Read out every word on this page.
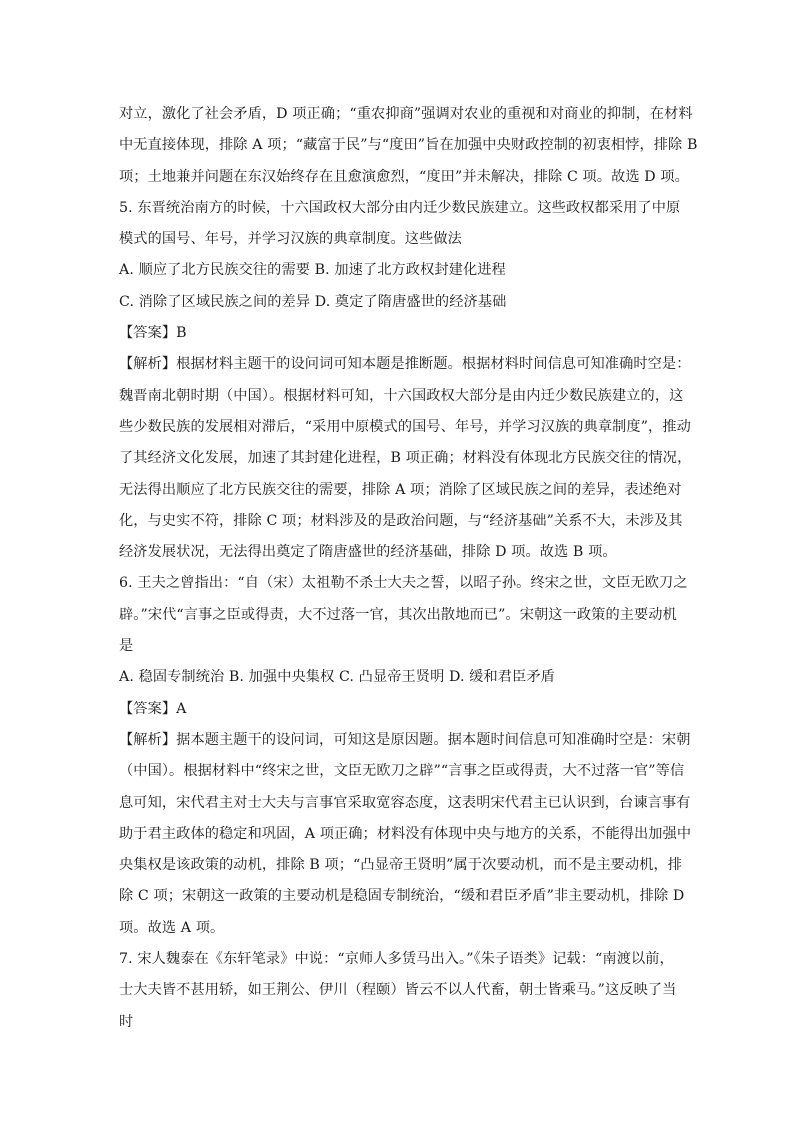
对立，激化了社会矛盾，D 项正确；“重农抑商”强调对农业的重视和对商业的抑制，在材料
中无直接体现，排除 A 项；“藏富于民”与“度田”旨在加强中央财政控制的初衷相悖，排除 B
项；土地兼并问题在东汉始终存在且愈演愈烈，“度田”并未解决，排除 C 项。故选 D 项。
5. 东晋统治南方的时候，十六国政权大部分由内迁少数民族建立。这些政权都采用了中原
模式的国号、年号，并学习汉族的典章制度。这些做法
A. 顺应了北方民族交往的需要 B. 加速了北方政权封建化进程
C. 消除了区域民族之间的差异 D. 奠定了隋唐盛世的经济基础
【答案】B
【解析】根据材料主题干的设问词可知本题是推断题。根据材料时间信息可知准确时空是：
魏晋南北朝时期（中国）。根据材料可知，十六国政权大部分是由内迁少数民族建立的，这
些少数民族的发展相对滞后，“采用中原模式的国号、年号，并学习汉族的典章制度”，推动
了其经济文化发展，加速了其封建化进程，B 项正确；材料没有体现北方民族交往的情况，
无法得出顺应了北方民族交往的需要，排除 A 项；消除了区域民族之间的差异，表述绝对
化，与史实不符，排除 C 项；材料涉及的是政治问题，与“经济基础”关系不大，未涉及其
经济发展状况，无法得出奠定了隋唐盛世的经济基础，排除 D 项。故选 B 项。
6. 王夫之曾指出：“自（宋）太祖勒不杀士大夫之誓，以昭子孙。终宋之世，文臣无欧刀之
辟。”宋代“言事之臣或得责，大不过落一官，其次出散地而已”。宋朝这一政策的主要动机
是
A. 稳固专制统治 B. 加强中央集权 C. 凸显帝王贤明 D. 缓和君臣矛盾
【答案】A
【解析】据本题主题干的设问词，可知这是原因题。据本题时间信息可知准确时空是：宋朝
（中国）。根据材料中“终宋之世，文臣无欧刀之辟”“言事之臣或得责，大不过落一官”等信
息可知，宋代君主对士大夫与言事官采取宽容态度，这表明宋代君主已认识到，台谏言事有
助于君主政体的稳定和巩固，A 项正确；材料没有体现中央与地方的关系，不能得出加强中
央集权是该政策的动机，排除 B 项；“凸显帝王贤明”属于次要动机，而不是主要动机，排
除 C 项；宋朝这一政策的主要动机是稳固专制统治，“缓和君臣矛盾”非主要动机，排除 D
项。故选 A 项。
7. 宋人魏泰在《东轩笔录》中说：“京师人多赁马出入。”《朱子语类》记载：“南渡以前，
士大夫皆不甚用轿，如王荆公、伊川（程颐）皆云不以人代畜，朝士皆乘马。”这反映了当
时
